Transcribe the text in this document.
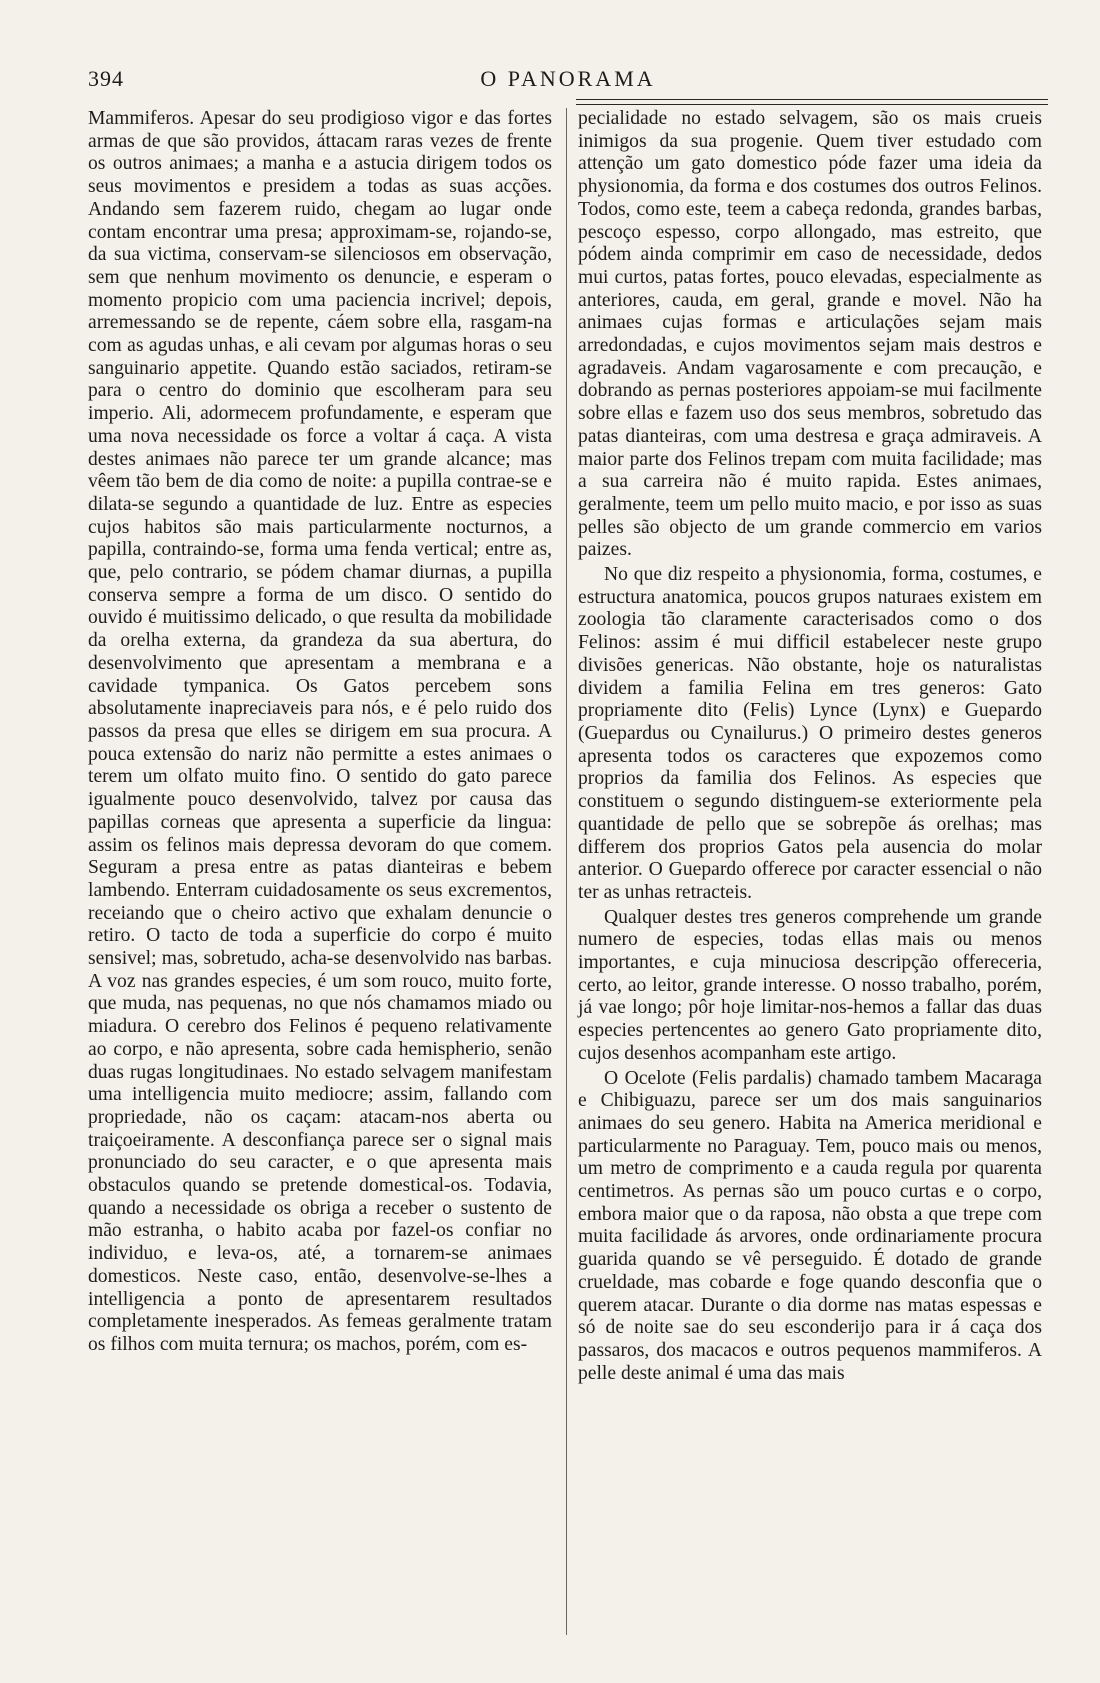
394	O PANORAMA

Mammiferos. Apesar do seu prodigioso vigor e das fortes armas de que são providos, áttacam raras vezes de frente os outros animaes; a manha e a astucia dirigem todos os seus movimentos e presidem a todas as suas acções. Andando sem fazerem ruido, chegam ao lugar onde contam encontrar uma presa; approximam-se, rojando-se, da sua victima, conservam-se silenciosos em observação, sem que nenhum movimento os denuncie, e esperam o momento propicio com uma paciencia incrivel; depois, arremessando se de repente, cáem sobre ella, rasgam-na com as agudas unhas, e ali cevam por algumas horas o seu sanguinario appetite. Quando estão saciados, retiram-se para o centro do dominio que escolheram para seu imperio. Ali, adormecem profundamente, e esperam que uma nova necessidade os force a voltar á caça. A vista destes animaes não parece ter um grande alcance; mas vêem tão bem de dia como de noite: a pupilla contrae-se e dilata-se segundo a quantidade de luz. Entre as especies cujos habitos são mais particularmente nocturnos, a papilla, contraindo-se, forma uma fenda vertical; entre as, que, pelo contrario, se pódem chamar diurnas, a pupilla conserva sempre a forma de um disco. O sentido do ouvido é muitissimo delicado, o que resulta da mobilidade da orelha externa, da grandeza da sua abertura, do desenvolvimento que apresentam a membrana e a cavidade tympanica. Os Gatos percebem sons absolutamente inapreciaveis para nós, e é pelo ruido dos passos da presa que elles se dirigem em sua procura. A pouca extensão do nariz não permitte a estes animaes o terem um olfato muito fino. O sentido do gato parece igualmente pouco desenvolvido, talvez por causa das papillas corneas que apresenta a superficie da lingua: assim os felinos mais depressa devoram do que comem. Seguram a presa entre as patas dianteiras e bebem lambendo. Enterram cuidadosamente os seus excrementos, receiando que o cheiro activo que exhalam denuncie o retiro. O tacto de toda a superficie do corpo é muito sensivel; mas, sobretudo, acha-se desenvolvido nas barbas. A voz nas grandes especies, é um som rouco, muito forte, que muda, nas pequenas, no que nós chamamos miado ou miadura. O cerebro dos Felinos é pequeno relativamente ao corpo, e não apresenta, sobre cada hemispherio, senão duas rugas longitudinaes. No estado selvagem manifestam uma intelligencia muito mediocre; assim, fallando com propriedade, não os caçam: atacam-nos aberta ou traiçoeiramente. A desconfiança parece ser o signal mais pronunciado do seu caracter, e o que apresenta mais obstaculos quando se pretende domestical-os. Todavia, quando a necessidade os obriga a receber o sustento de mão estranha, o habito acaba por fazel-os confiar no individuo, e leva-os, até, a tornarem-se animaes domesticos. Neste caso, então, desenvolve-se-lhes a intelligencia a ponto de apresentarem resultados completamente inesperados. As femeas geralmente tratam os filhos com muita ternura; os machos, porém, com es-

pecialidade no estado selvagem, são os mais crueis inimigos da sua progenie. Quem tiver estudado com attenção um gato domestico póde fazer uma ideia da physionomia, da forma e dos costumes dos outros Felinos. Todos, como este, teem a cabeça redonda, grandes barbas, pescoço espesso, corpo allongado, mas estreito, que pódem ainda comprimir em caso de necessidade, dedos mui curtos, patas fortes, pouco elevadas, especialmente as anteriores, cauda, em geral, grande e movel. Não ha animaes cujas formas e articulações sejam mais arredondadas, e cujos movimentos sejam mais destros e agradaveis. Andam vagarosamente e com precaução, e dobrando as pernas posteriores appoiam-se mui facilmente sobre ellas e fazem uso dos seus membros, sobretudo das patas dianteiras, com uma destresa e graça admiraveis. A maior parte dos Felinos trepam com muita facilidade; mas a sua carreira não é muito rapida. Estes animaes, geralmente, teem um pello muito macio, e por isso as suas pelles são objecto de um grande commercio em varios paizes.

No que diz respeito a physionomia, forma, costumes, e estructura anatomica, poucos grupos naturaes existem em zoologia tão claramente caracterisados como o dos Felinos: assim é mui difficil estabelecer neste grupo divisões genericas. Não obstante, hoje os naturalistas dividem a familia Felina em tres generos: Gato propriamente dito (Felis) Lynce (Lynx) e Guepardo (Guepardus ou Cynailurus.) O primeiro destes generos apresenta todos os caracteres que expozemos como proprios da familia dos Felinos. As especies que constituem o segundo distinguem-se exteriormente pela quantidade de pello que se sobrepõe ás orelhas; mas differem dos proprios Gatos pela ausencia do molar anterior. O Guepardo offerece por caracter essencial o não ter as unhas retracteis.

Qualquer destes tres generos comprehende um grande numero de especies, todas ellas mais ou menos importantes, e cuja minuciosa descripção offereceria, certo, ao leitor, grande interesse. O nosso trabalho, porém, já vae longo; pôr hoje limitar-nos-hemos a fallar das duas especies pertencentes ao genero Gato propriamente dito, cujos desenhos acompanham este artigo.

O Ocelote (Felis pardalis) chamado tambem Macaraga e Chibiguazu, parece ser um dos mais sanguinarios animaes do seu genero. Habita na America meridional e particularmente no Paraguay. Tem, pouco mais ou menos, um metro de comprimento e a cauda regula por quarenta centimetros. As pernas são um pouco curtas e o corpo, embora maior que o da raposa, não obsta a que trepe com muita facilidade ás arvores, onde ordinariamente procura guarida quando se vê perseguido. É dotado de grande crueldade, mas cobarde e foge quando desconfia que o querem atacar. Durante o dia dorme nas matas espessas e só de noite sae do seu esconderijo para ir á caça dos passaros, dos macacos e outros pequenos mammiferos. A pelle deste animal é uma das mais
